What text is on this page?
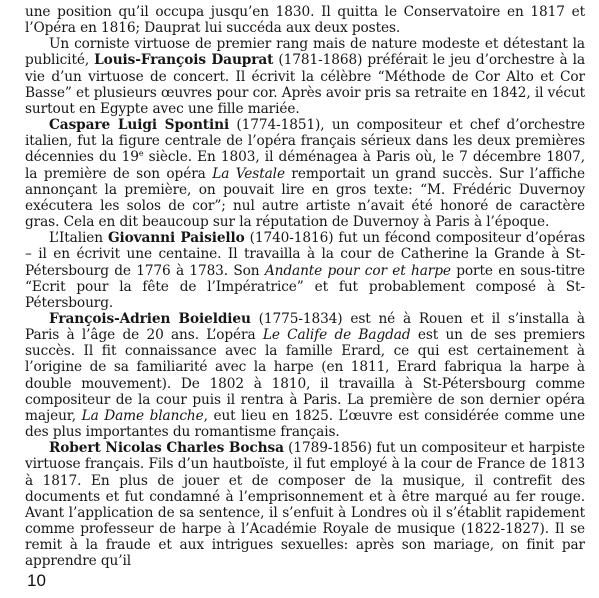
une position qu’il occupa jusqu’en 1830. Il quitta le Conservatoire en 1817 et l’Opéra en 1816; Dauprat lui succéda aux deux postes.

Un corniste virtuose de premier rang mais de nature modeste et détestant la publicité, Louis-François Dauprat (1781-1868) préférait le jeu d’orchestre à la vie d’un virtuose de concert. Il écrivit la célèbre “Méthode de Cor Alto et Cor Basse” et plusieurs œuvres pour cor. Après avoir pris sa retraite en 1842, il vécut surtout en Egypte avec une fille mariée.

Caspare Luigi Spontini (1774-1851), un compositeur et chef d’orchestre italien, fut la figure centrale de l’opéra français sérieux dans les deux premières décennies du 19e siècle. En 1803, il déménagea à Paris où, le 7 décembre 1807, la première de son opéra La Vestale remportait un grand succès. Sur l’affiche annonçant la première, on pouvait lire en gros texte: “M. Frédéric Duvernoy exécutera les solos de cor”; nul autre artiste n’avait été honoré de caractère gras. Cela en dit beaucoup sur la réputation de Duvernoy à Paris à l’époque.

L’Italien Giovanni Paisiello (1740-1816) fut un fécond compositeur d’opéras – il en écrivit une centaine. Il travailla à la cour de Catherine la Grande à St-Pétersbourg de 1776 à 1783. Son Andante pour cor et harpe porte en sous-titre “Ecrit pour la fête de l’Impératrice” et fut probablement composé à St-Pétersbourg.

François-Adrien Boieldieu (1775-1834) est né à Rouen et il s’installa à Paris à l’âge de 20 ans. L’opéra Le Calife de Bagdad est un de ses premiers succès. Il fit connaissance avec la famille Erard, ce qui est certainement à l’origine de sa familiarité avec la harpe (en 1811, Erard fabriqua la harpe à double mouvement). De 1802 à 1810, il travailla à St-Pétersbourg comme compositeur de la cour puis il rentra à Paris. La première de son dernier opéra majeur, La Dame blanche, eut lieu en 1825. L’œuvre est considérée comme une des plus importantes du romantisme français.

Robert Nicolas Charles Bochsa (1789-1856) fut un compositeur et harpiste virtuose français. Fils d’un hautboïste, il fut employé à la cour de France de 1813 à 1817. En plus de jouer et de composer de la musique, il contrefit des documents et fut condamné à l’emprisonnement et à être marqué au fer rouge. Avant l’application de sa sentence, il s’enfuit à Londres où il s’établit rapidement comme professeur de harpe à l’Académie Royale de musique (1822-1827). Il se remit à la fraude et aux intrigues sexuelles: après son mariage, on finit par apprendre qu’il

10
